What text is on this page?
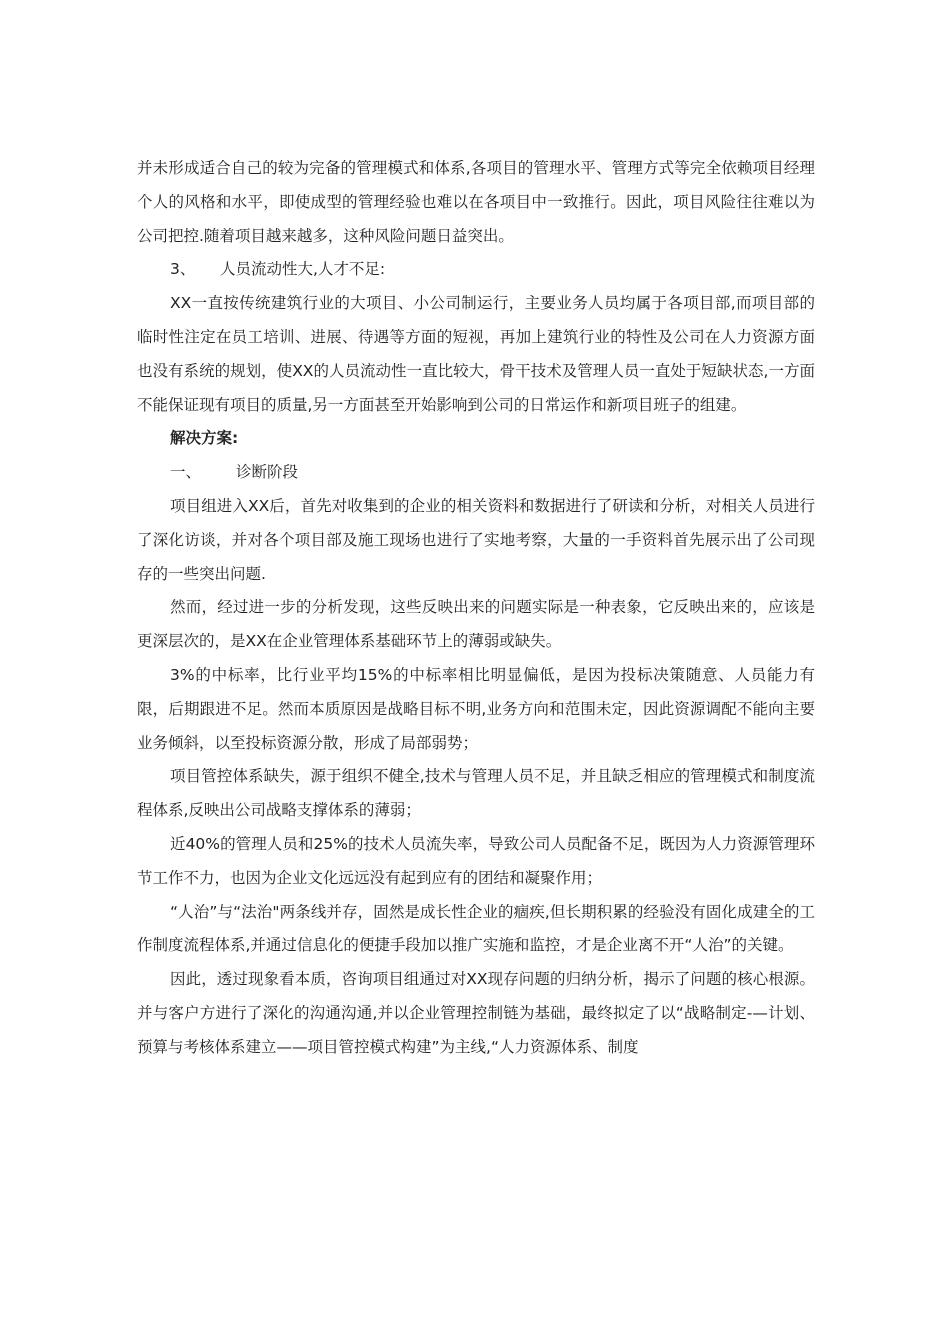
并未形成适合自己的较为完备的管理模式和体系,各项目的管理水平、管理方式等完全依赖项目经理个人的风格和水平，即使成型的管理经验也难以在各项目中一致推行。因此，项目风险往往难以为公司把控.随着项目越来越多，这种风险问题日益突出。

3、 人员流动性大,人才不足:

XX一直按传统建筑行业的大项目、小公司制运行，主要业务人员均属于各项目部,而项目部的临时性注定在员工培训、进展、待遇等方面的短视，再加上建筑行业的特性及公司在人力资源方面也没有系统的规划，使XX的人员流动性一直比较大，骨干技术及管理人员一直处于短缺状态,一方面不能保证现有项目的质量,另一方面甚至开始影响到公司的日常运作和新项目班子的组建。

解决方案:

一、 诊断阶段

项目组进入XX后，首先对收集到的企业的相关资料和数据进行了研读和分析，对相关人员进行了深化访谈，并对各个项目部及施工现场也进行了实地考察，大量的一手资料首先展示出了公司现存的一些突出问题.

然而，经过进一步的分析发现，这些反映出来的问题实际是一种表象，它反映出来的，应该是更深层次的，是XX在企业管理体系基础环节上的薄弱或缺失。

3%的中标率，比行业平均15%的中标率相比明显偏低，是因为投标决策随意、人员能力有限，后期跟进不足。然而本质原因是战略目标不明,业务方向和范围未定，因此资源调配不能向主要业务倾斜，以至投标资源分散，形成了局部弱势；

项目管控体系缺失，源于组织不健全,技术与管理人员不足，并且缺乏相应的管理模式和制度流程体系,反映出公司战略支撑体系的薄弱；

近40%的管理人员和25%的技术人员流失率，导致公司人员配备不足，既因为人力资源管理环节工作不力，也因为企业文化远远没有起到应有的团结和凝聚作用；

“人治”与“法治"两条线并存，固然是成长性企业的痼疾,但长期积累的经验没有固化成建全的工作制度流程体系,并通过信息化的便捷手段加以推广实施和监控，才是企业离不开“人治”的关键。

因此，透过现象看本质，咨询项目组通过对XX现存问题的归纳分析，揭示了问题的核心根源。并与客户方进行了深化的沟通沟通,并以企业管理控制链为基础，最终拟定了以“战略制定-—计划、预算与考核体系建立——项目管控模式构建”为主线,“人力资源体系、制度
